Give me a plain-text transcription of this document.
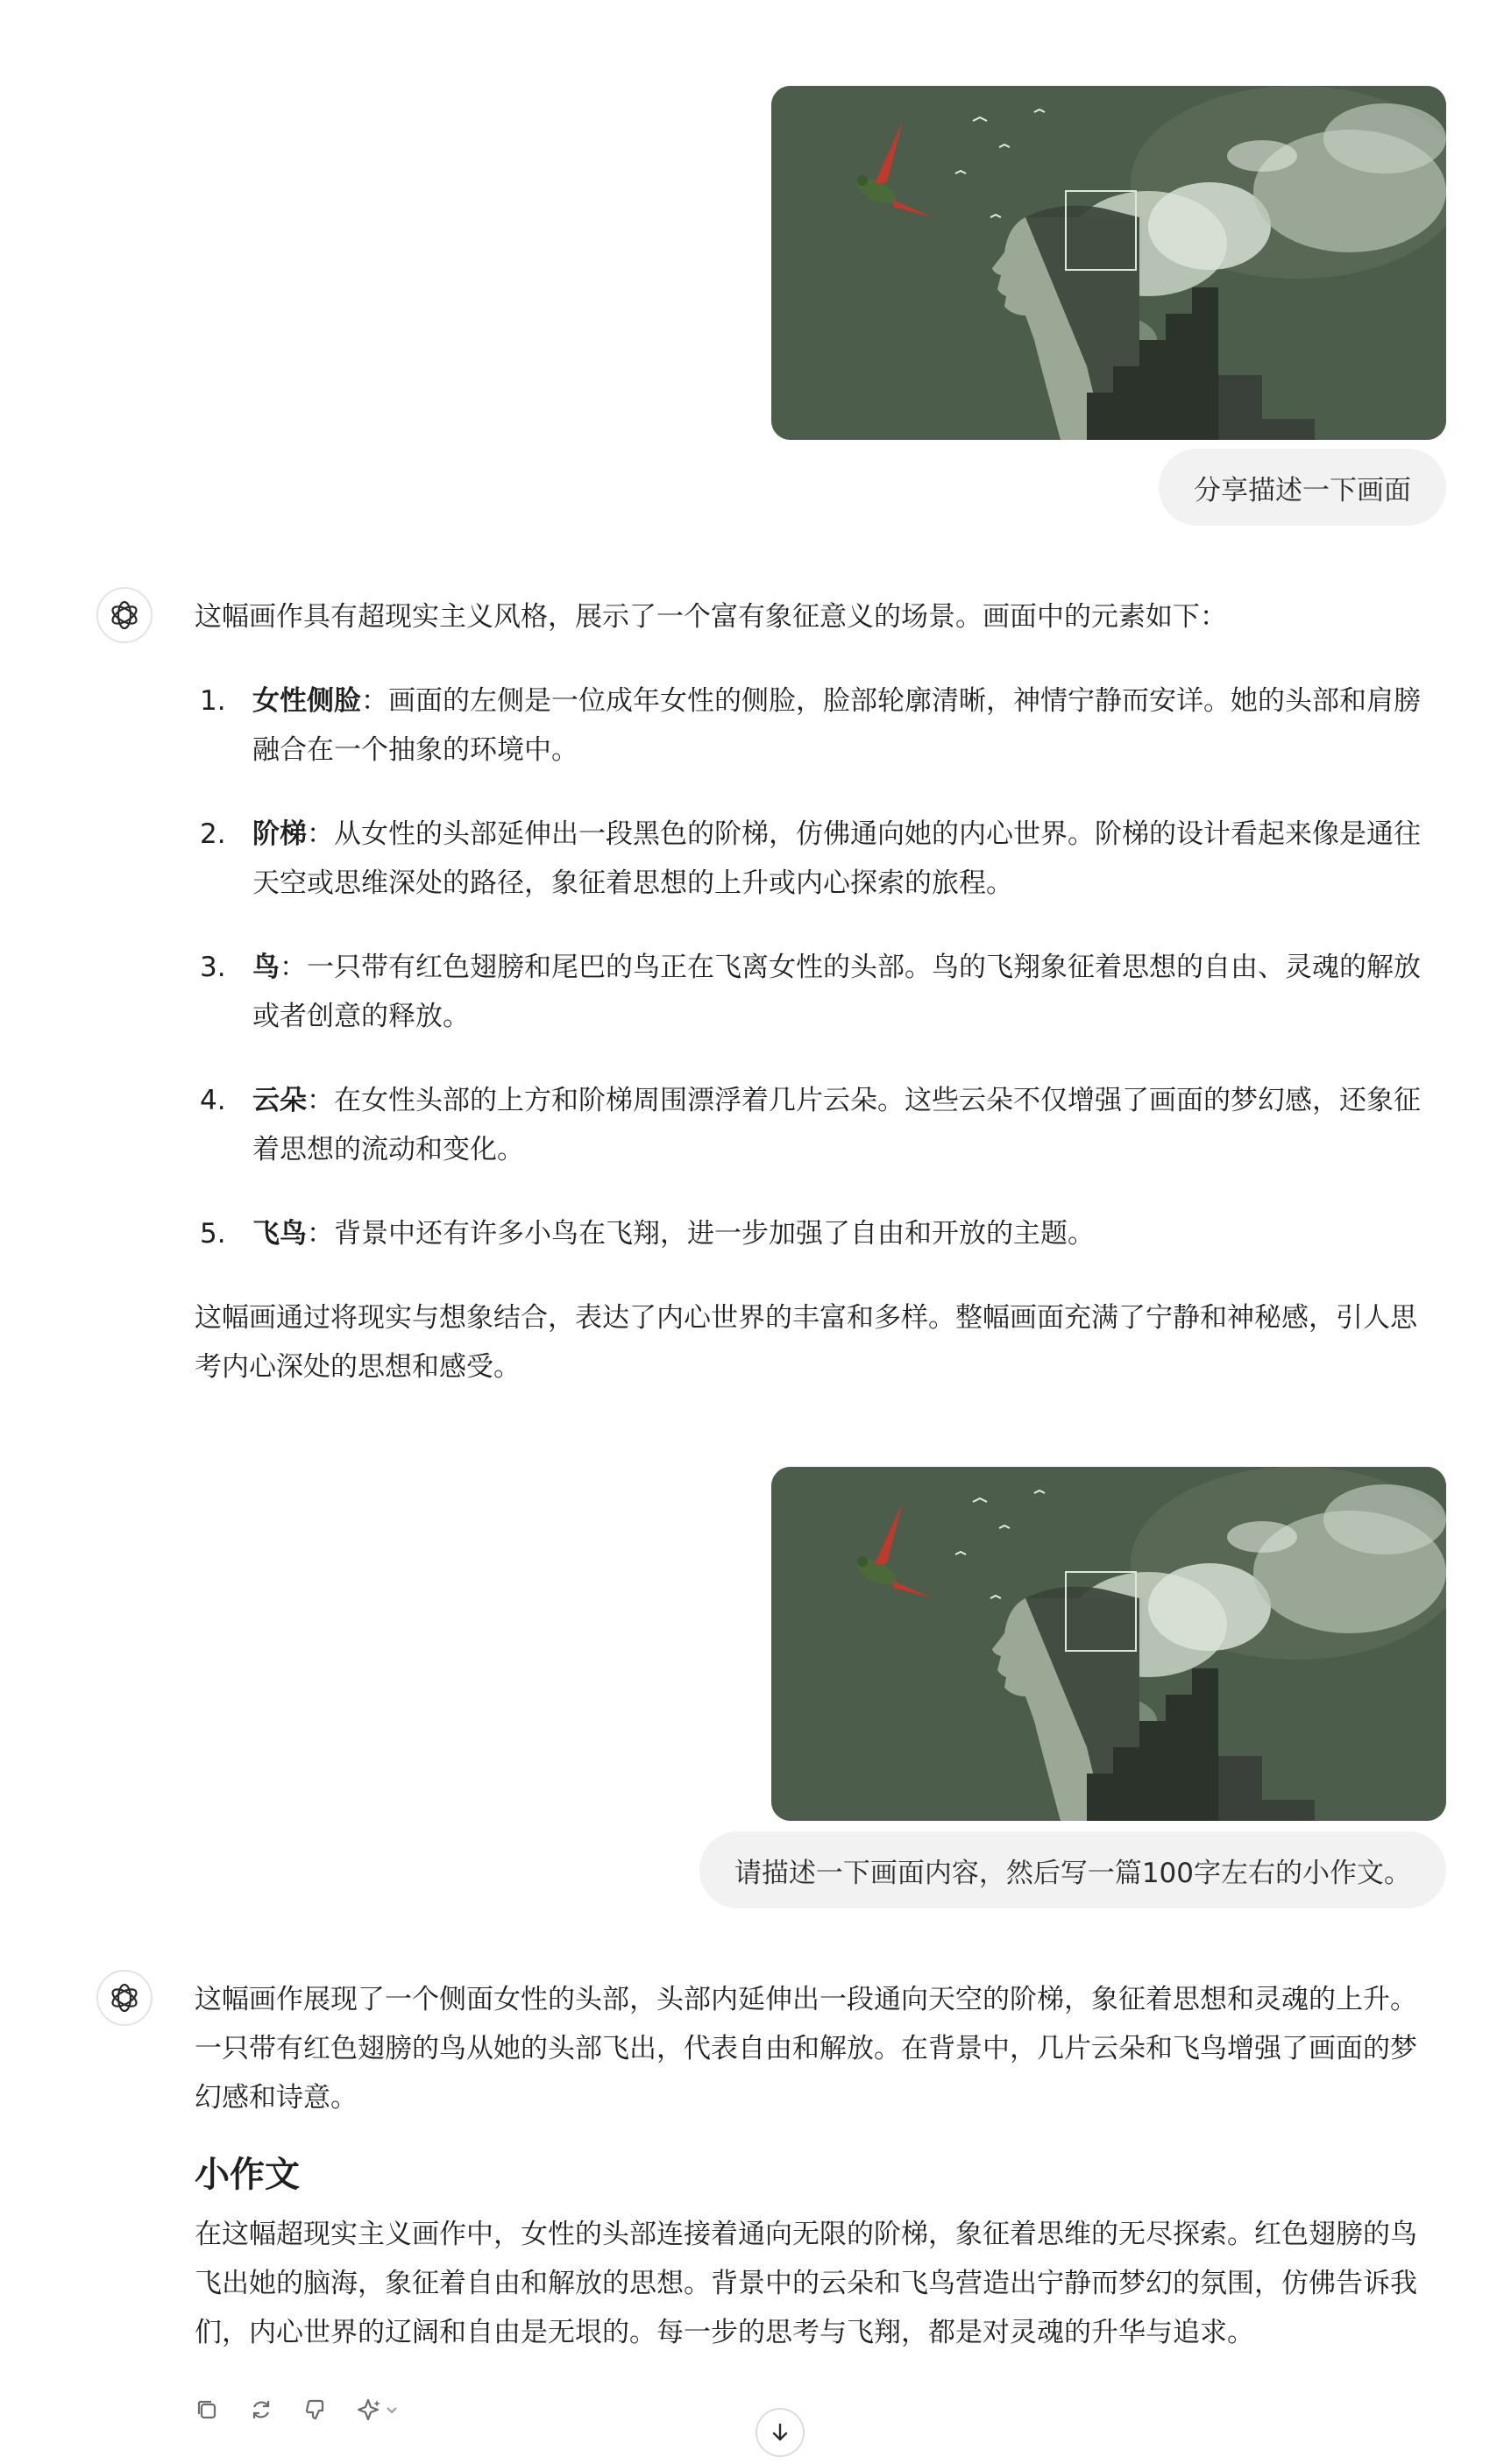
分享描述一下画面

这幅画作具有超现实主义风格，展示了一个富有象征意义的场景。画面中的元素如下：

1. 女性侧脸：画面的左侧是一位成年女性的侧脸，脸部轮廓清晰，神情宁静而安详。她的头部和肩膀融合在一个抽象的环境中。
2. 阶梯：从女性的头部延伸出一段黑色的阶梯，仿佛通向她的内心世界。阶梯的设计看起来像是通往天空或思维深处的路径，象征着思想的上升或内心探索的旅程。
3. 鸟：一只带有红色翅膀和尾巴的鸟正在飞离女性的头部。鸟的飞翔象征着思想的自由、灵魂的解放或者创意的释放。
4. 云朵：在女性头部的上方和阶梯周围漂浮着几片云朵。这些云朵不仅增强了画面的梦幻感，还象征着思想的流动和变化。
5. 飞鸟：背景中还有许多小鸟在飞翔，进一步加强了自由和开放的主题。

这幅画通过将现实与想象结合，表达了内心世界的丰富和多样。整幅画面充满了宁静和神秘感，引人思考内心深处的思想和感受。

请描述一下画面内容，然后写一篇100字左右的小作文。

这幅画作展现了一个侧面女性的头部，头部内延伸出一段通向天空的阶梯，象征着思想和灵魂的上升。一只带有红色翅膀的鸟从她的头部飞出，代表自由和解放。在背景中，几片云朵和飞鸟增强了画面的梦幻感和诗意。

小作文

在这幅超现实主义画作中，女性的头部连接着通向无限的阶梯，象征着思维的无尽探索。红色翅膀的鸟飞出她的脑海，象征着自由和解放的思想。背景中的云朵和飞鸟营造出宁静而梦幻的氛围，仿佛告诉我们，内心世界的辽阔和自由是无垠的。每一步的思考与飞翔，都是对灵魂的升华与追求。
